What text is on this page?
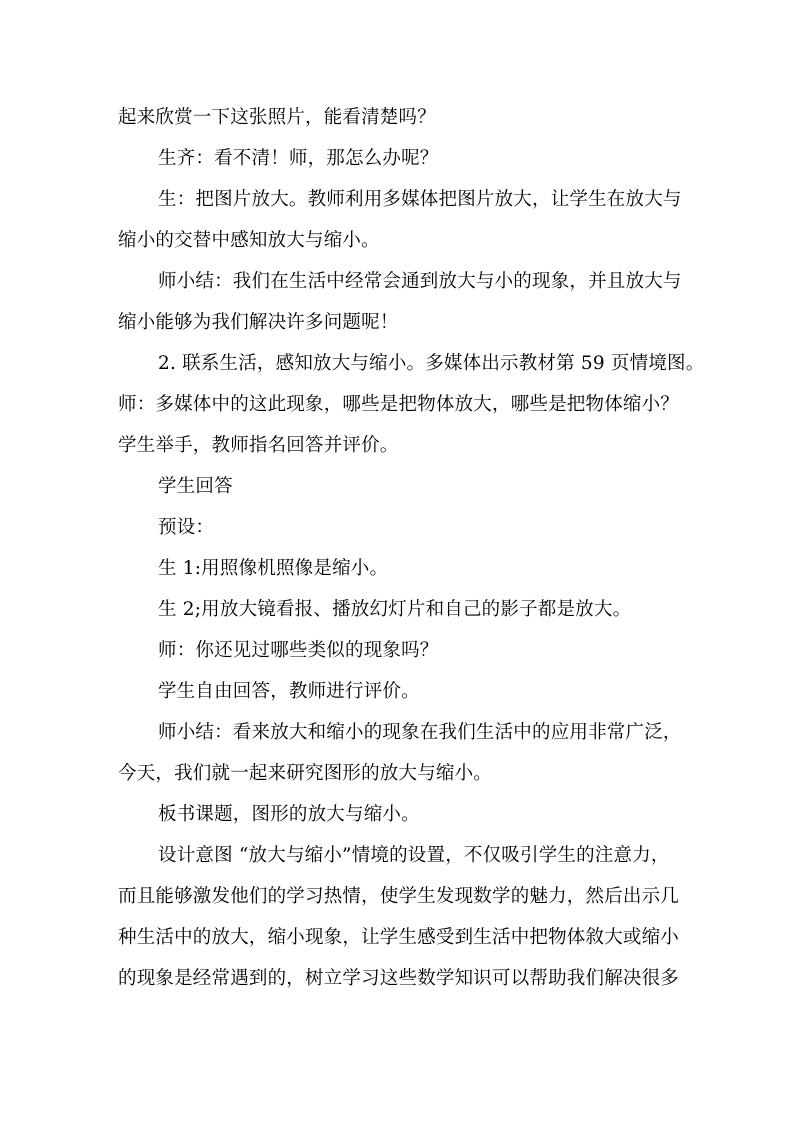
起来欣赏一下这张照片，能看清楚吗？
生齐：看不清！师，那怎么办呢？
生：把图片放大。教师利用多媒体把图片放大，让学生在放大与
缩小的交替中感知放大与缩小。
师小结：我们在生活中经常会通到放大与小的现象，并且放大与
缩小能够为我们解决许多问题呢！
2. 联系生活，感知放大与缩小。多媒体出示教材第 59 页情境图。
师：多媒体中的这此现象，哪些是把物体放大，哪些是把物体缩小？
学生举手，教师指名回答并评价。
学生回答
预设：
生 1:用照像机照像是缩小。
生 2;用放大镜看报、播放幻灯片和自己的影子都是放大。
师：你还见过哪些类似的现象吗？
学生自由回答，教师进行评价。
师小结：看来放大和缩小的现象在我们生活中的应用非常广泛，
今天，我们就一起来研究图形的放大与缩小。
板书课题，图形的放大与缩小。
设计意图 “放大与缩小”情境的设置，不仅吸引学生的注意力，
而且能够激发他们的学习热情，使学生发现数学的魅力，然后出示几
种生活中的放大，缩小现象，让学生感受到生活中把物体敘大或缩小
的现象是经常遇到的，树立学习这些数学知识可以帮助我们解决很多
